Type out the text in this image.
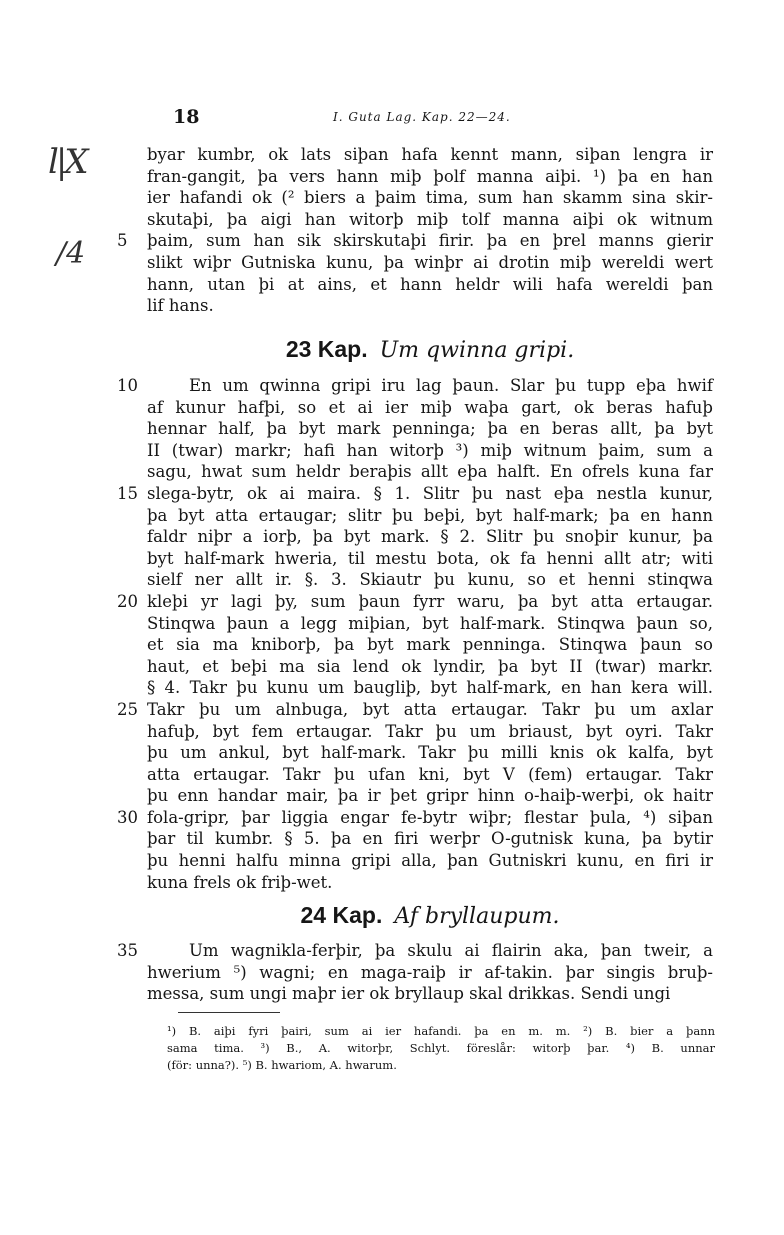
18	I. Guta Lag. Kap. 22—24.
l|X
/4
byar kumbr, ok lats siþan hafa kennt mann, siþan lengra ir
fran-gangit, þa vers hann miþ þolf manna aiþi. ¹) þa en han
ier hafandi ok (² biers a þaim tima, sum han skamm sina skir-
skutaþi, þa aigi han witorþ miþ tolf manna aiþi ok witnum
5	þaim, sum han sik skirskutaþi firir. þa en þrel manns gierir
slikt wiþr Gutniska kunu, þa winþr ai drotin miþ wereldi wert
hann, utan þi at ains, et hann heldr wili hafa wereldi þan
lif hans.
23 Kap. Um qwinna gripi.
10	En um qwinna gripi iru lag þaun. Slar þu tupp eþa hwif
af kunur hafþi, so et ai ier miþ waþa gart, ok beras hafuþ
hennar half, þa byt mark penninga; þa en beras allt, þa byt
II (twar) markr; hafi han witorþ ³) miþ witnum þaim, sum a
sagu, hwat sum heldr beraþis allt eþa halft. En ofrels kuna far
15 slega-bytr, ok ai maira. § 1. Slitr þu nast eþa nestla kunur,
þa byt atta ertaugar; slitr þu beþi, byt half-mark; þa en hann
faldr niþr a iorþ, þa byt mark. § 2. Slitr þu snoþir kunur, þa
byt half-mark hweria, til mestu bota, ok fa henni allt atr; witi
sielf ner allt ir. §. 3. Skiautr þu kunu, so et henni stinqwa
20 kleþi yr lagi þy, sum þaun fyrr waru, þa byt atta ertaugar.
Stinqwa þaun a legg miþian, byt half-mark. Stinqwa þaun so,
et sia ma kniborþ, þa byt mark penninga. Stinqwa þaun so
haut, et beþi ma sia lend ok lyndir, þa byt II (twar) markr.
§ 4. Takr þu kunu um baugliþ, byt half-mark, en han kera will.
25 Takr þu um alnbuga, byt atta ertaugar. Takr þu um axlar
hafuþ, byt fem ertaugar. Takr þu um briaust, byt oyri. Takr
þu um ankul, byt half-mark. Takr þu milli knis ok kalfa, byt
atta ertaugar. Takr þu ufan kni, byt V (fem) ertaugar. Takr
þu enn handar mair, þa ir þet gripr hinn o-haiþ-werþi, ok haitr
30 fola-gripr, þar liggia engar fe-bytr wiþr; flestar þula, ⁴) siþan
þar til kumbr. § 5. þa en firi werþr O-gutnisk kuna, þa bytir
þu henni halfu minna gripi alla, þan Gutniskri kunu, en firi ir
kuna frels ok friþ-wet.
24 Kap. Af bryllaupum.
35	Um wagnikla-ferþir, þa skulu ai flairin aka, þan tweir, a
hwerium ⁵) wagni; en maga-raiþ ir af-takin. þar singis bruþ-
messa, sum ungi maþr ier ok bryllaup skal drikkas. Sendi ungi
¹) B. aiþi fyri þairi, sum ai ier hafandi. þa en m. m. ²) B. bier a þann
sama tima. ³) B., A. witorþr, Schlyt. föreslår: witorþ þar. ⁴) B. unnar
(för: unna?). ⁵) B. hwariom, A. hwarum.
